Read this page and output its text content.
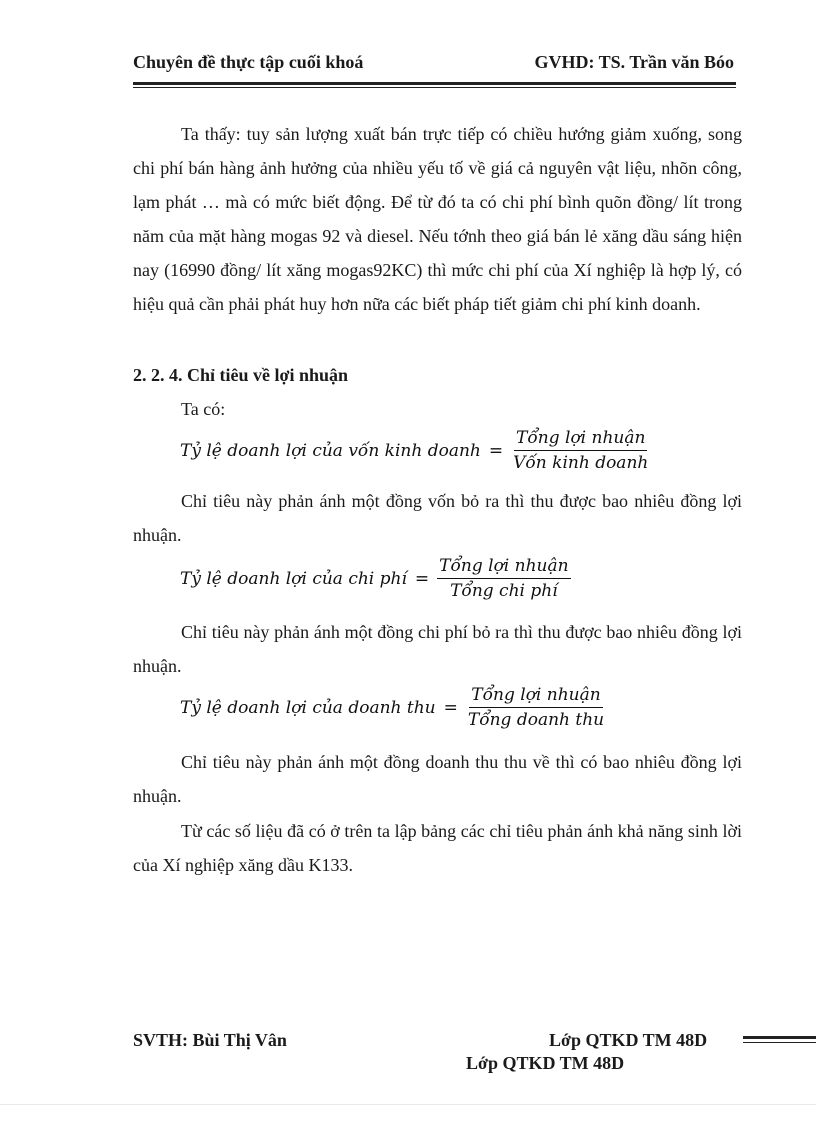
Chuyên đề thực tập cuối khoá	GVHD: TS. Trần văn Bóo

Ta thấy: tuy sản lượng xuất bán trực tiếp có chiều hướng giảm xuống, song chi phí bán hàng ảnh hưởng của nhiều yếu tố về giá cả nguyên vật liệu, nhõn công, lạm phát … mà có mức biết động. Để từ đó ta có chi phí bình quõn đồng/ lít trong năm của mặt hàng mogas 92 và diesel. Nếu tớnh theo giá bán lẻ xăng dầu sáng hiện nay (16990 đồng/ lít xăng mogas92KC) thì mức chi phí của Xí nghiệp là hợp lý, có hiệu quả cần phải phát huy hơn nữa các biết pháp tiết giảm chi phí kinh doanh.

2. 2. 4. Chỉ tiêu về lợi nhuận
Ta có:
Tỷ lệ doanh lợi của vốn kinh doanh = $\frac{\text{Tổng lợi nhuận}}{\text{Vốn kinh doanh}}$

Chỉ tiêu này phản ánh một đồng vốn bỏ ra thì thu được bao nhiêu đồng lợi nhuận.

Tỷ lệ doanh lợi của chi phí = $\frac{\text{Tổng lợi nhuận}}{\text{Tổng chi phí}}$

Chỉ tiêu này phản ánh một đồng chi phí bỏ ra thì thu được bao nhiêu đồng lợi nhuận.

Tỷ lệ doanh lợi của doanh thu = $\frac{\text{Tổng lợi nhuận}}{\text{Tổng doanh thu}}$

Chỉ tiêu này phản ánh một đồng doanh thu thu về thì có bao nhiêu đồng lợi nhuận.

Từ các số liệu đã có ở trên ta lập bảng các chỉ tiêu phản ánh khả năng sinh lời của Xí nghiệp xăng dầu K133.

SVTH: Bùi Thị Vân	Lớp QTKD TM 48D
Lớp QTKD TM 48D
